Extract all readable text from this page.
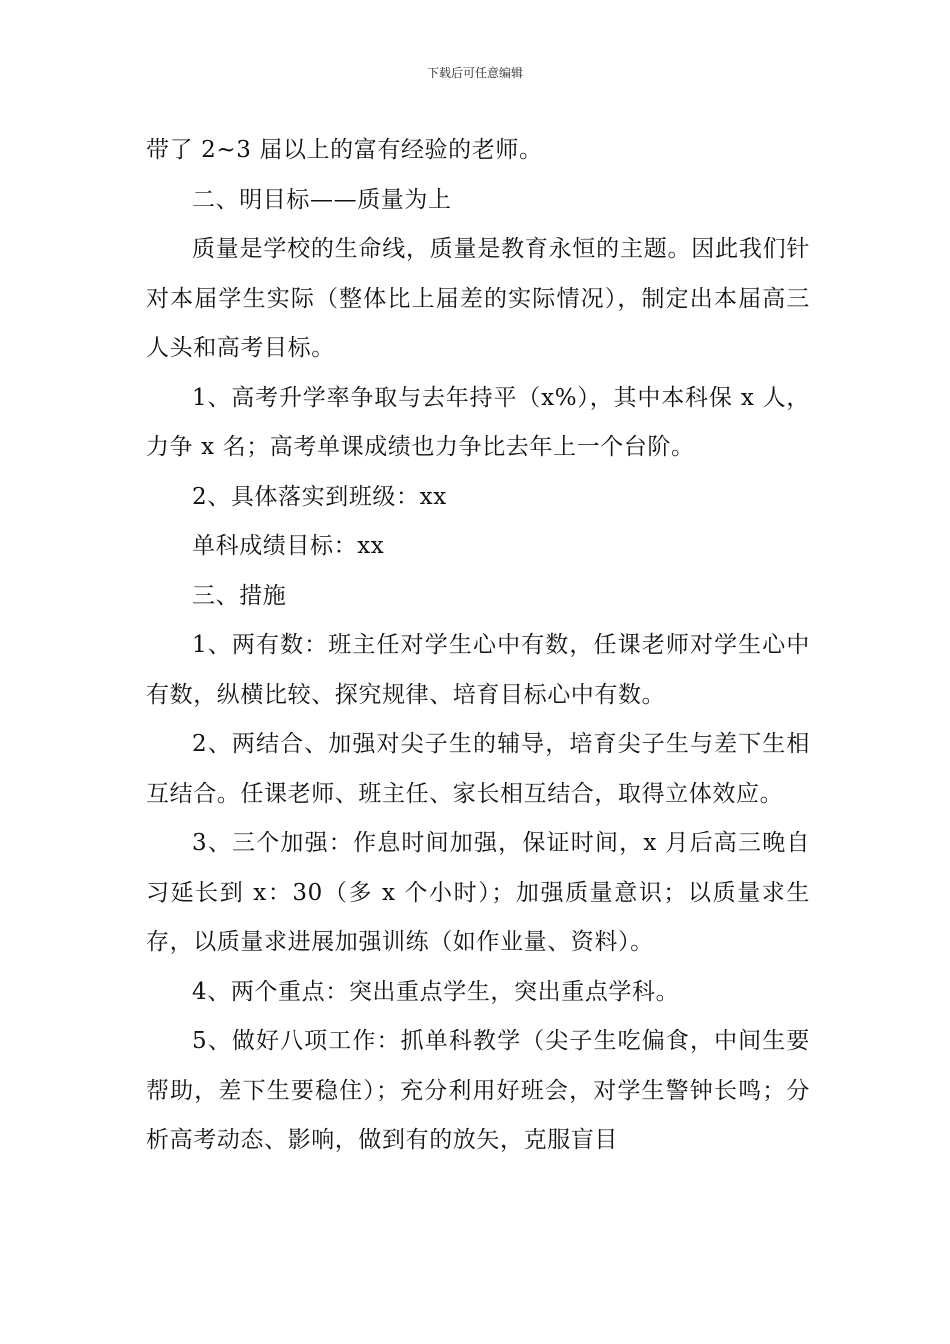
下载后可任意编辑

带了 2~3 届以上的富有经验的老师。

二、明目标——质量为上

质量是学校的生命线，质量是教育永恒的主题。因此我们针对本届学生实际（整体比上届差的实际情况），制定出本届高三人头和高考目标。

1、高考升学率争取与去年持平（x%），其中本科保 x 人，力争 x 名；高考单课成绩也力争比去年上一个台阶。

2、具体落实到班级：xx

单科成绩目标：xx

三、措施

1、两有数：班主任对学生心中有数，任课老师对学生心中有数，纵横比较、探究规律、培育目标心中有数。

2、两结合、加强对尖子生的辅导，培育尖子生与差下生相互结合。任课老师、班主任、家长相互结合，取得立体效应。

3、三个加强：作息时间加强，保证时间，x 月后高三晚自习延长到 x：30（多 x 个小时）；加强质量意识；以质量求生存，以质量求进展加强训练（如作业量、资料）。

4、两个重点：突出重点学生，突出重点学科。

5、做好八项工作：抓单科教学（尖子生吃偏食，中间生要帮助，差下生要稳住）；充分利用好班会，对学生警钟长鸣；分析高考动态、影响，做到有的放矢，克服盲目
